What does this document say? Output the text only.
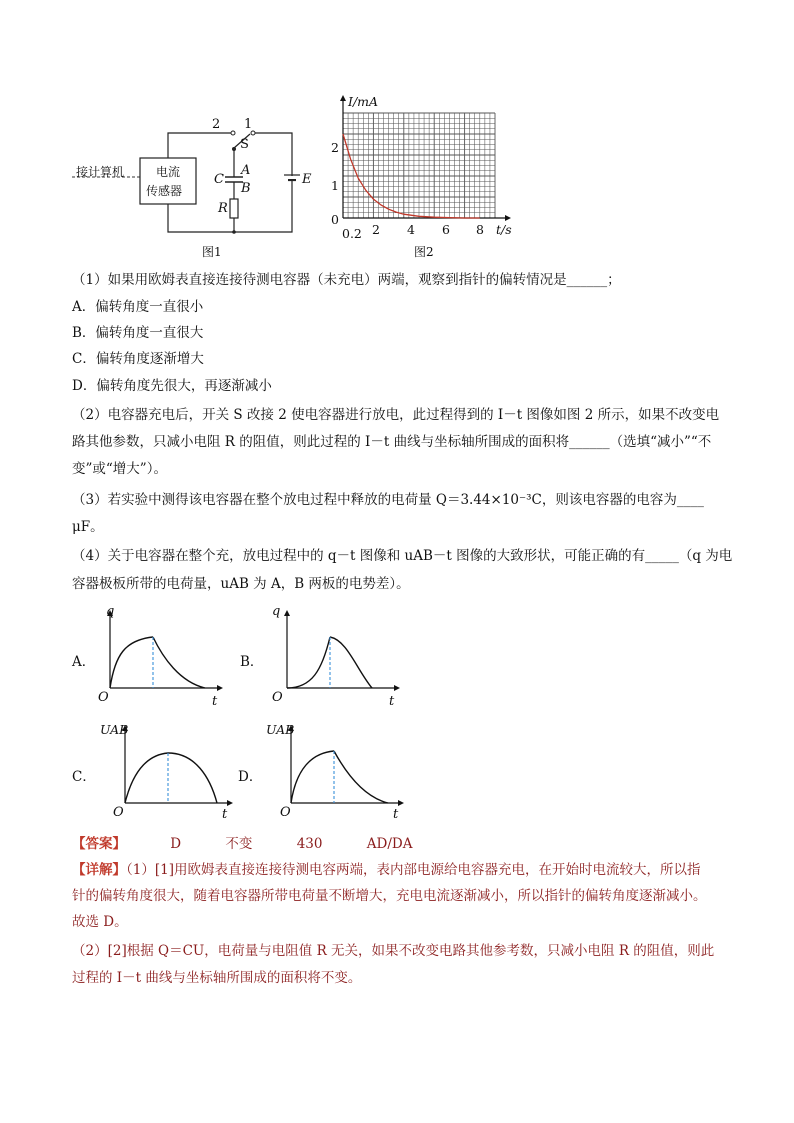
2 1
S
A
C
B
R
E
接计算机	电流
传感器
图1
I/mA
2
1
0
0.2 2 4 6 8 t/s
图2
（1）如果用欧姆表直接连接待测电容器（未充电）两端，观察到指针的偏转情况是______；
A．偏转角度一直很小
B．偏转角度一直很大
C．偏转角度逐渐增大
D．偏转角度先很大，再逐渐减小
（2）电容器充电后，开关 S 改接 2 使电容器进行放电，此过程得到的 I－t 图像如图 2 所示，如果不改变电
路其他参数，只减小电阻 R 的阻值，则此过程的 I－t 曲线与坐标轴所围成的面积将______（选填“减小”“不
变”或“增大”）。
（3）若实验中测得该电容器在整个放电过程中释放的电荷量 Q＝3.44×10⁻³C，则该电容器的电容为____
μF。
（4）关于电容器在整个充，放电过程中的 q－t 图像和 uAB－t 图像的大致形状，可能正确的有_____（q 为电
容器极板所带的电荷量，uAB 为 A，B 两板的电势差）。
A．
q
O	t
B．
q
O	t
C．
UAB
O	t
D．
UAB
O	t
【答案】	D	不变	430	AD/DA
【详解】（1）[1]用欧姆表直接连接待测电容两端，表内部电源给电容器充电，在开始时电流较大，所以指
针的偏转角度很大，随着电容器所带电荷量不断增大，充电电流逐渐减小，所以指针的偏转角度逐渐减小。
故选 D。
（2）[2]根据 Q＝CU，电荷量与电阻值 R 无关，如果不改变电路其他参考数，只减小电阻 R 的阻值，则此
过程的 I－t 曲线与坐标轴所围成的面积将不变。
